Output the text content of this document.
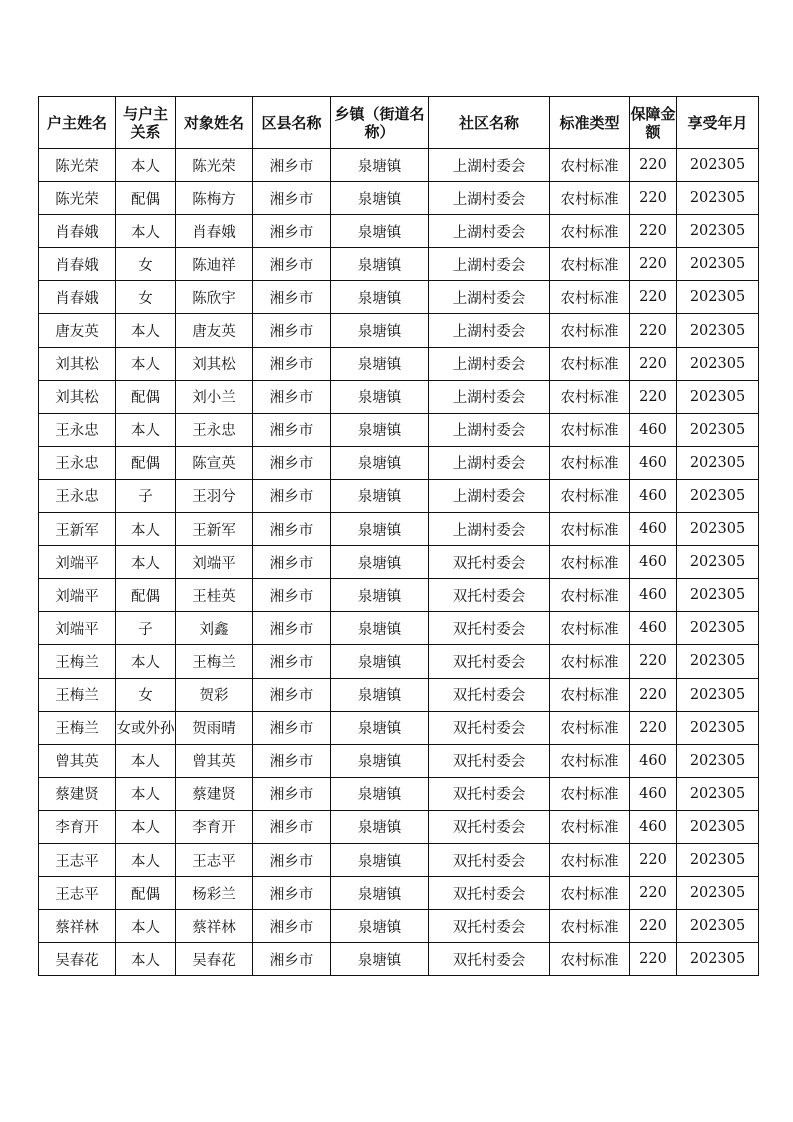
户主姓名	与户主关系	对象姓名	区县名称	乡镇（街道名称）	社区名称	标准类型	保障金额	享受年月
陈光荣	本人	陈光荣	湘乡市	泉塘镇	上湖村委会	农村标准	220	202305
陈光荣	配偶	陈梅方	湘乡市	泉塘镇	上湖村委会	农村标准	220	202305
肖春娥	本人	肖春娥	湘乡市	泉塘镇	上湖村委会	农村标准	220	202305
肖春娥	女	陈迪祥	湘乡市	泉塘镇	上湖村委会	农村标准	220	202305
肖春娥	女	陈欣宇	湘乡市	泉塘镇	上湖村委会	农村标准	220	202305
唐友英	本人	唐友英	湘乡市	泉塘镇	上湖村委会	农村标准	220	202305
刘其松	本人	刘其松	湘乡市	泉塘镇	上湖村委会	农村标准	220	202305
刘其松	配偶	刘小兰	湘乡市	泉塘镇	上湖村委会	农村标准	220	202305
王永忠	本人	王永忠	湘乡市	泉塘镇	上湖村委会	农村标准	460	202305
王永忠	配偶	陈宣英	湘乡市	泉塘镇	上湖村委会	农村标准	460	202305
王永忠	子	王羽兮	湘乡市	泉塘镇	上湖村委会	农村标准	460	202305
王新军	本人	王新军	湘乡市	泉塘镇	上湖村委会	农村标准	460	202305
刘端平	本人	刘端平	湘乡市	泉塘镇	双托村委会	农村标准	460	202305
刘端平	配偶	王桂英	湘乡市	泉塘镇	双托村委会	农村标准	460	202305
刘端平	子	刘鑫	湘乡市	泉塘镇	双托村委会	农村标准	460	202305
王梅兰	本人	王梅兰	湘乡市	泉塘镇	双托村委会	农村标准	220	202305
王梅兰	女	贺彩	湘乡市	泉塘镇	双托村委会	农村标准	220	202305
王梅兰	女或外孙	贺雨晴	湘乡市	泉塘镇	双托村委会	农村标准	220	202305
曾其英	本人	曾其英	湘乡市	泉塘镇	双托村委会	农村标准	460	202305
蔡建贤	本人	蔡建贤	湘乡市	泉塘镇	双托村委会	农村标准	460	202305
李育开	本人	李育开	湘乡市	泉塘镇	双托村委会	农村标准	460	202305
王志平	本人	王志平	湘乡市	泉塘镇	双托村委会	农村标准	220	202305
王志平	配偶	杨彩兰	湘乡市	泉塘镇	双托村委会	农村标准	220	202305
蔡祥林	本人	蔡祥林	湘乡市	泉塘镇	双托村委会	农村标准	220	202305
吴春花	本人	吴春花	湘乡市	泉塘镇	双托村委会	农村标准	220	202305
